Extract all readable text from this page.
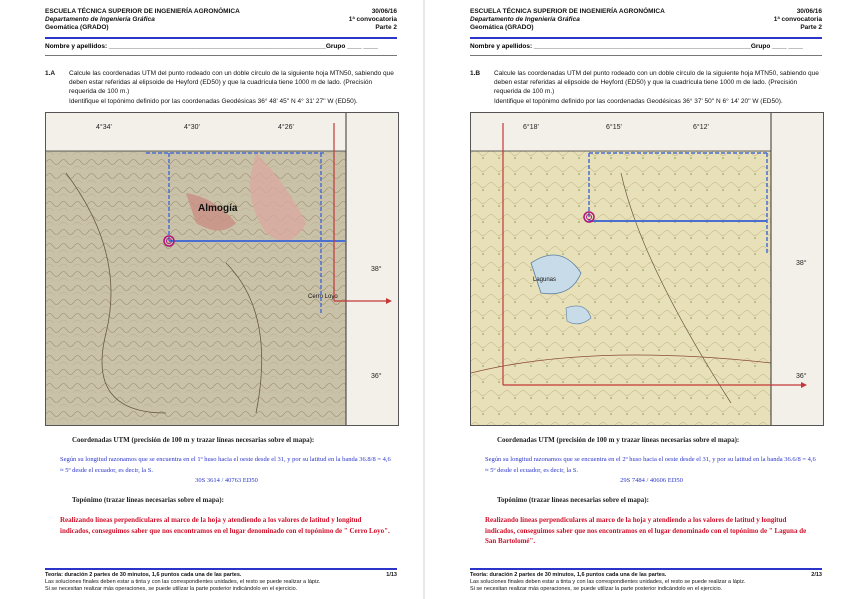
ESCUELA TÉCNICA SUPERIOR DE INGENIERÍA AGRONÓMICA	30/06/16
Departamento de Ingeniería Gráfica	1ª convocatoria
Geomática (GRADO)	Parte 2
Nombre y apellidos: ____________________________________________________________Grupo ____ ____
1.A	Calcule las coordenadas UTM del punto rodeado con un doble círculo de la siguiente hoja MTN50, sabiendo que deben estar referidas al elipsoide de Heyford (ED50) y que la cuadrícula tiene 1000 m de lado. (Precisión requerida de 100 m.)
Identifique el topónimo definido por las coordenadas Geodésicas 36° 48' 45'' N 4° 31' 27'' W (ED50).
4°34'	4°30'	4°26'
38°
36°
Almogía
Cerro Loyo
Coordenadas UTM (precisión de 100 m y trazar líneas necesarias sobre el mapa):
Según su longitud razonamos que se encuentra en el 1º huso hacia el oeste desde el 31, y por su latitud en la banda 36.8/8 = 4,6 ≈ 5º desde el ecuador, es decir, la S.
30S 3614 / 40763 ED50
Topónimo (trazar líneas necesarias sobre el mapa):
Realizando líneas perpendiculares al marco de la hoja y atendiendo a los valores de latitud y longitud indicados, conseguimos saber que nos encontramos en el lugar denominado con el topónimo de " Cerro Loyo".
Teoría: duración 2 partes de 30 minutos, 1,6 puntos cada una de las partes.	1/13
Las soluciones finales deben estar a tinta y con las correspondientes unidades, el resto se puede realizar a lápiz.
Si se necesitan realizar más operaciones, se puede utilizar la parte posterior indicándolo en el ejercicio.
ESCUELA TÉCNICA SUPERIOR DE INGENIERÍA AGRONÓMICA	30/06/16
Departamento de Ingeniería Gráfica	1ª convocatoria
Geomática (GRADO)	Parte 2
Nombre y apellidos: ____________________________________________________________Grupo ____ ____
1.B	Calcule las coordenadas UTM del punto rodeado con un doble círculo de la siguiente hoja MTN50, sabiendo que deben estar referidas al elipsoide de Heyford (ED50) y que la cuadrícula tiene 1000 m de lado. (Precisión requerida de 100 m.)
Identifique el topónimo definido por las coordenadas Geodésicas 36° 37' 50'' N 6° 14' 20'' W (ED50).
6°18'	6°15'	6°12'
38°
36°
Lagunas
Coordenadas UTM (precisión de 100 m y trazar líneas necesarias sobre el mapa):
Según su longitud razonamos que se encuentra en el 2º huso hacia el oeste desde el 31, y por su latitud en la banda 36.6/8 = 4,6 ≈ 5º desde el ecuador, es decir, la S.
29S 7484 / 40606 ED50
Topónimo (trazar líneas necesarias sobre el mapa):
Realizando líneas perpendiculares al marco de la hoja y atendiendo a los valores de latitud y longitud indicados, conseguimos saber que nos encontramos en el lugar denominado con el topónimo de " Laguna de San Bartolomé".
Teoría: duración 2 partes de 30 minutos, 1,6 puntos cada una de las partes.	2/13
Las soluciones finales deben estar a tinta y con las correspondientes unidades, el resto se puede realizar a lápiz.
Si se necesitan realizar más operaciones, se puede utilizar la parte posterior indicándolo en el ejercicio.
